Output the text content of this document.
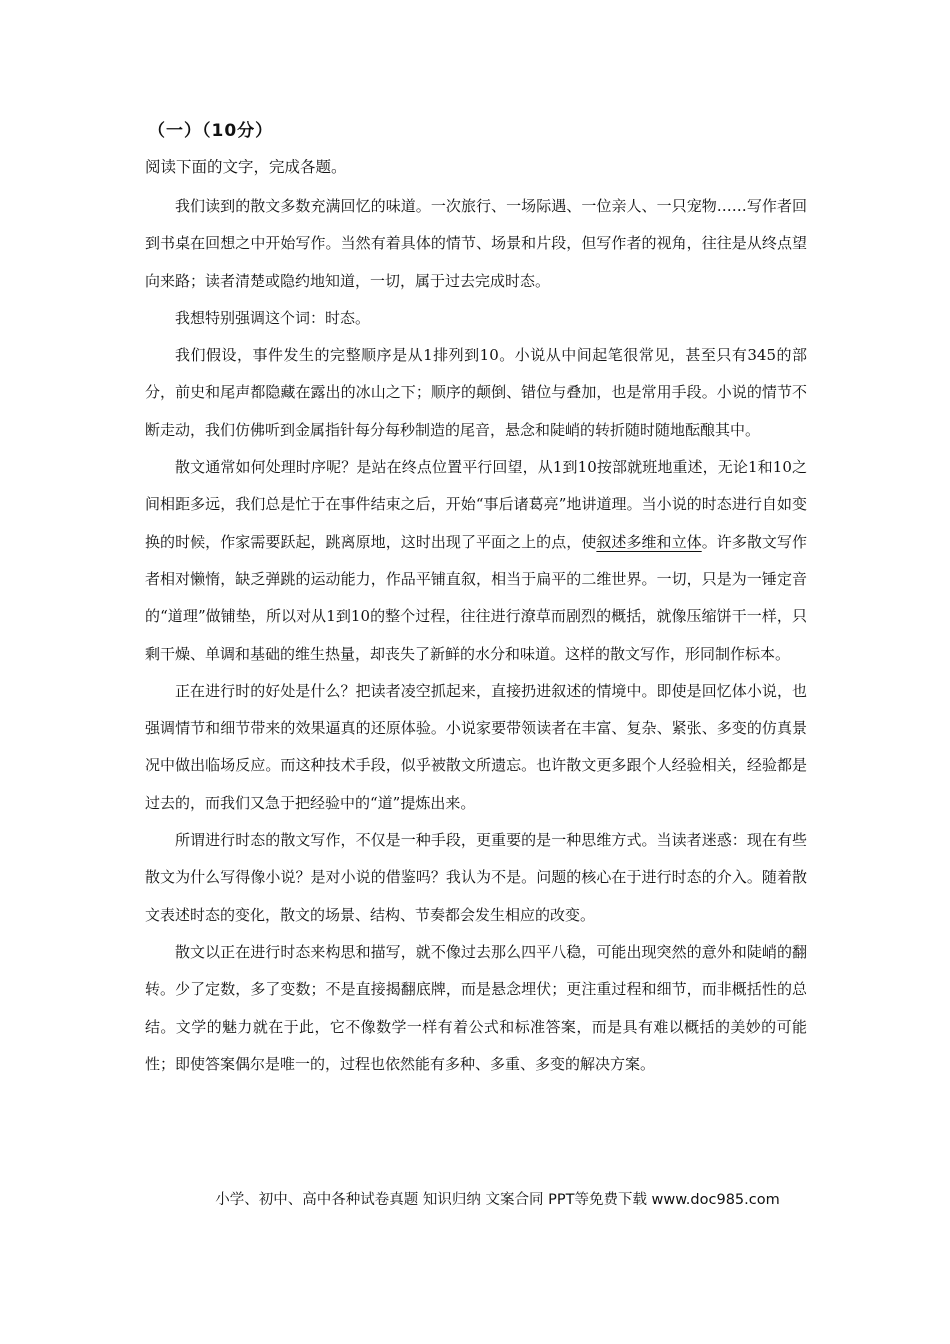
（一）（10分）
阅读下面的文字，完成各题。

我们读到的散文多数充满回忆的味道。一次旅行、一场际遇、一位亲人、一只宠物……写作者回到书桌在回想之中开始写作。当然有着具体的情节、场景和片段，但写作者的视角，往往是从终点望向来路；读者清楚或隐约地知道，一切，属于过去完成时态。

我想特别强调这个词：时态。

我们假设，事件发生的完整顺序是从1排列到10。小说从中间起笔很常见，甚至只有345的部分，前史和尾声都隐藏在露出的冰山之下；顺序的颠倒、错位与叠加，也是常用手段。小说的情节不断走动，我们仿佛听到金属指针每分每秒制造的尾音，悬念和陡峭的转折随时随地酝酿其中。

散文通常如何处理时序呢？是站在终点位置平行回望，从1到10按部就班地重述，无论1和10之间相距多远，我们总是忙于在事件结束之后，开始“事后诸葛亮”地讲道理。当小说的时态进行自如变换的时候，作家需要跃起，跳离原地，这时出现了平面之上的点，使叙述多维和立体。许多散文写作者相对懒惰，缺乏弹跳的运动能力，作品平铺直叙，相当于扁平的二维世界。一切，只是为一锤定音的“道理”做铺垫，所以对从1到10的整个过程，往往进行潦草而剧烈的概括，就像压缩饼干一样，只剩干燥、单调和基础的维生热量，却丧失了新鲜的水分和味道。这样的散文写作，形同制作标本。

正在进行时的好处是什么？把读者凌空抓起来，直接扔进叙述的情境中。即使是回忆体小说，也强调情节和细节带来的效果逼真的还原体验。小说家要带领读者在丰富、复杂、紧张、多变的仿真景况中做出临场反应。而这种技术手段，似乎被散文所遗忘。也许散文更多跟个人经验相关，经验都是过去的，而我们又急于把经验中的“道”提炼出来。

所谓进行时态的散文写作，不仅是一种手段，更重要的是一种思维方式。当读者迷惑：现在有些散文为什么写得像小说？是对小说的借鉴吗？我认为不是。问题的核心在于进行时态的介入。随着散文表述时态的变化，散文的场景、结构、节奏都会发生相应的改变。

散文以正在进行时态来构思和描写，就不像过去那么四平八稳，可能出现突然的意外和陡峭的翻转。少了定数，多了变数；不是直接揭翻底牌，而是悬念埋伏；更注重过程和细节，而非概括性的总结。文学的魅力就在于此，它不像数学一样有着公式和标准答案，而是具有难以概括的美妙的可能性；即使答案偶尔是唯一的，过程也依然能有多种、多重、多变的解决方案。

小学、初中、高中各种试卷真题 知识归纳 文案合同 PPT等免费下载 www.doc985.com
